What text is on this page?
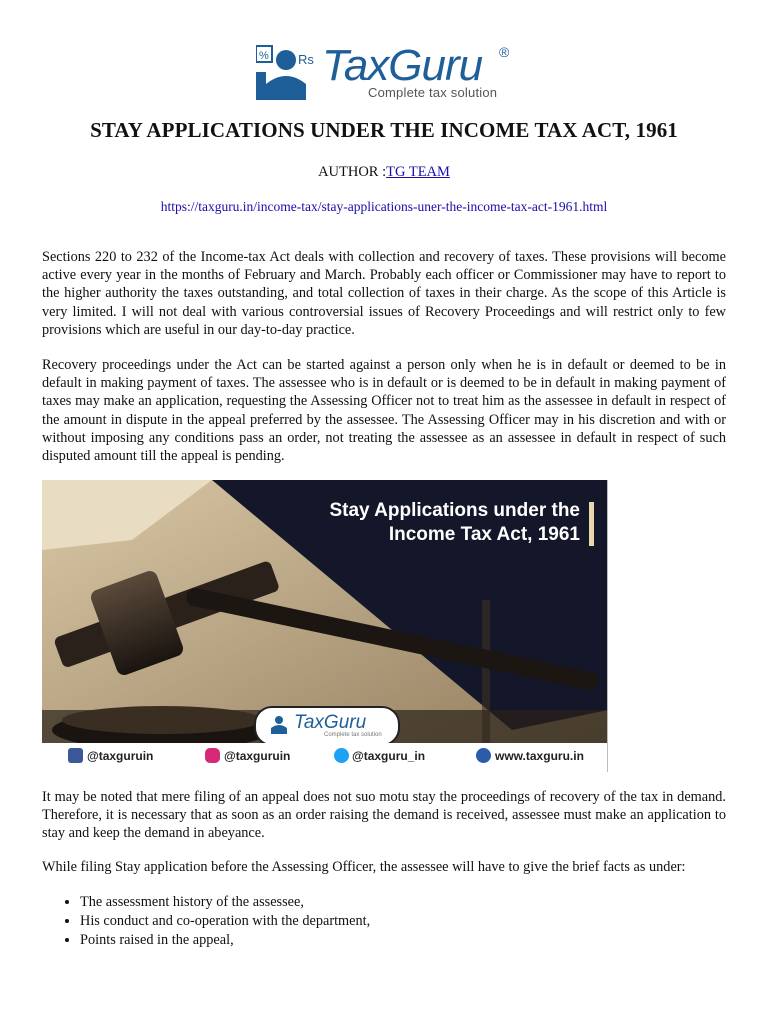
% Rs TaxGuru ®
Complete tax solution
STAY APPLICATIONS UNDER THE INCOME TAX ACT, 1961
AUTHOR :TG TEAM
https://taxguru.in/income-tax/stay-applications-uner-the-income-tax-act-1961.html

Sections 220 to 232 of the Income-tax Act deals with collection and recovery of taxes. These provisions will become active every year in the months of February and March. Probably each officer or Commissioner may have to report to the higher authority the taxes outstanding, and total collection of taxes in their charge. As the scope of this Article is very limited. I will not deal with various controversial issues of Recovery Proceedings and will restrict only to few provisions which are useful in our day-to-day practice.

Recovery proceedings under the Act can be started against a person only when he is in default or deemed to be in default in making payment of taxes. The assessee who is in default or is deemed to be in default in making payment of taxes may make an application, requesting the Assessing Officer not to treat him as the assessee in default in respect of the amount in dispute in the appeal preferred by the assessee. The Assessing Officer may in his discretion and with or without imposing any conditions pass an order, not treating the assessee as an assessee in default in respect of such disputed amount till the appeal is pending.

Stay Applications under the
Income Tax Act, 1961
TaxGuru
Complete tax solution
@taxguruin	@taxguruin	@taxguru_in	www.taxguru.in

It may be noted that mere filing of an appeal does not suo motu stay the proceedings of recovery of the tax in demand. Therefore, it is necessary that as soon as an order raising the demand is received, assessee must make an application to stay and keep the demand in abeyance.

While filing Stay application before the Assessing Officer, the assessee will have to give the brief facts as under:

• The assessment history of the assessee,
• His conduct and co-operation with the department,
• Points raised in the appeal,
